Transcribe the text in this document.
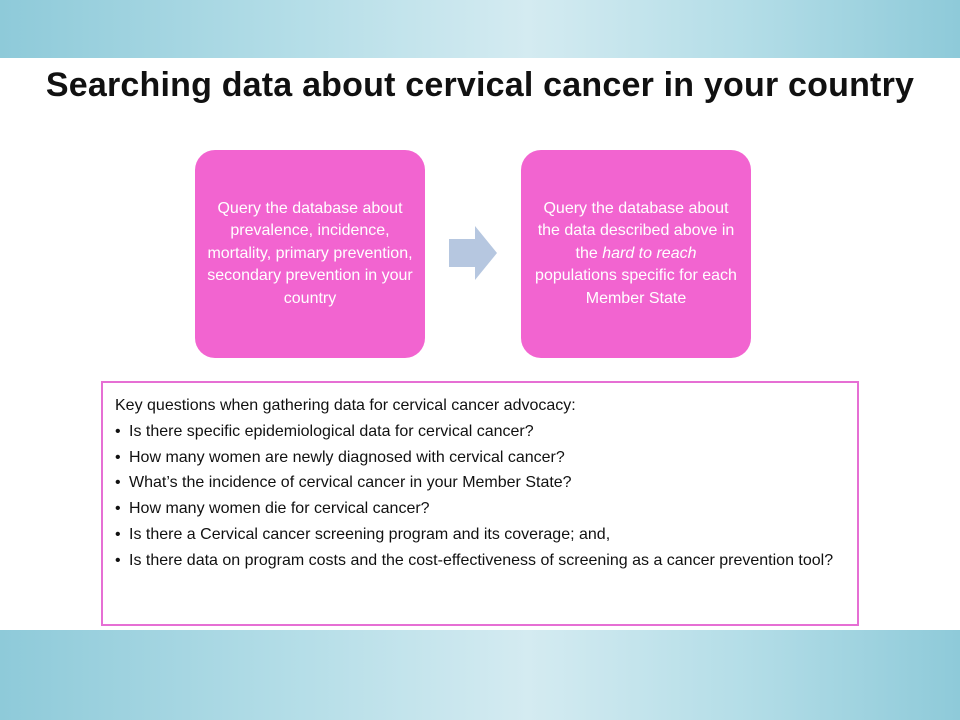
Searching data about cervical cancer in your country
Query the database about prevalence, incidence, mortality, primary prevention, secondary prevention in your country
Query the database about the data described above in the hard to reach populations specific for each Member State
Key questions when gathering data for cervical cancer advocacy:
• Is there specific epidemiological data for cervical cancer?
• How many women are newly diagnosed with cervical cancer?
• What’s the incidence of cervical cancer in your Member State?
• How many women die for cervical cancer?
• Is there a Cervical cancer screening program and its coverage; and,
• Is there data on program costs and the cost-effectiveness of screening as a cancer prevention tool?
